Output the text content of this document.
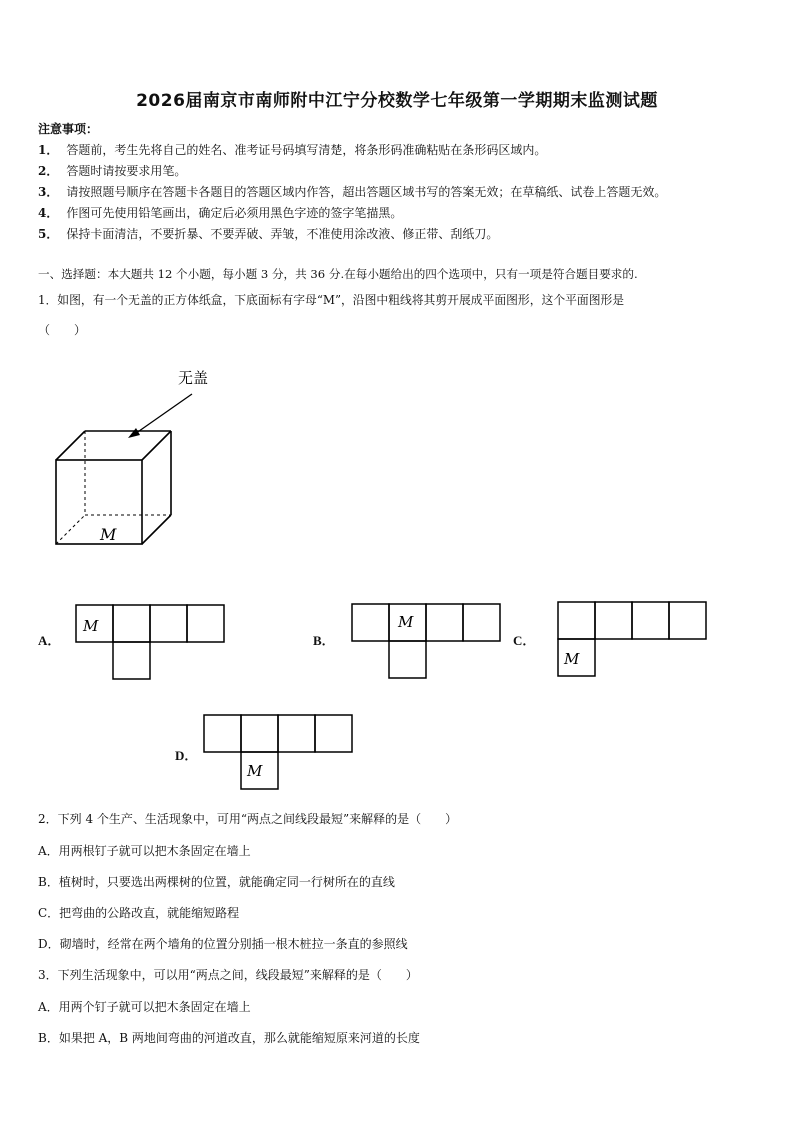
2026届南京市南师附中江宁分校数学七年级第一学期期末监测试题
注意事项：
1． 答题前，考生先将自己的姓名、准考证号码填写清楚，将条形码准确粘贴在条形码区域内。
2． 答题时请按要求用笔。
3． 请按照题号顺序在答题卡各题目的答题区域内作答，超出答题区域书写的答案无效；在草稿纸、试卷上答题无效。
4． 作图可先使用铅笔画出，确定后必须用黑色字迹的签字笔描黑。
5． 保持卡面清洁，不要折暴、不要弄破、弄皱，不准使用涂改液、修正带、刮纸刀。
一、选择题：本大题共 12 个小题，每小题 3 分，共 36 分.在每小题给出的四个选项中，只有一项是符合题目要求的.
1．如图，有一个无盖的正方体纸盒，下底面标有字母“M”，沿图中粗线将其剪开展成平面图形，这个平面图形是
（　　）
无盖
M
M	M
M
M
A．	B．	C．
D．
2．下列 4 个生产、生活现象中，可用“两点之间线段最短”来解释的是（　　）
A．用两根钉子就可以把木条固定在墙上
B．植树时，只要选出两棵树的位置，就能确定同一行树所在的直线
C．把弯曲的公路改直，就能缩短路程
D．砌墙时，经常在两个墙角的位置分别插一根木桩拉一条直的参照线
3．下列生活现象中，可以用“两点之间，线段最短”来解释的是（　　）
A．用两个钉子就可以把木条固定在墙上
B．如果把 A，B 两地间弯曲的河道改直，那么就能缩短原来河道的长度
